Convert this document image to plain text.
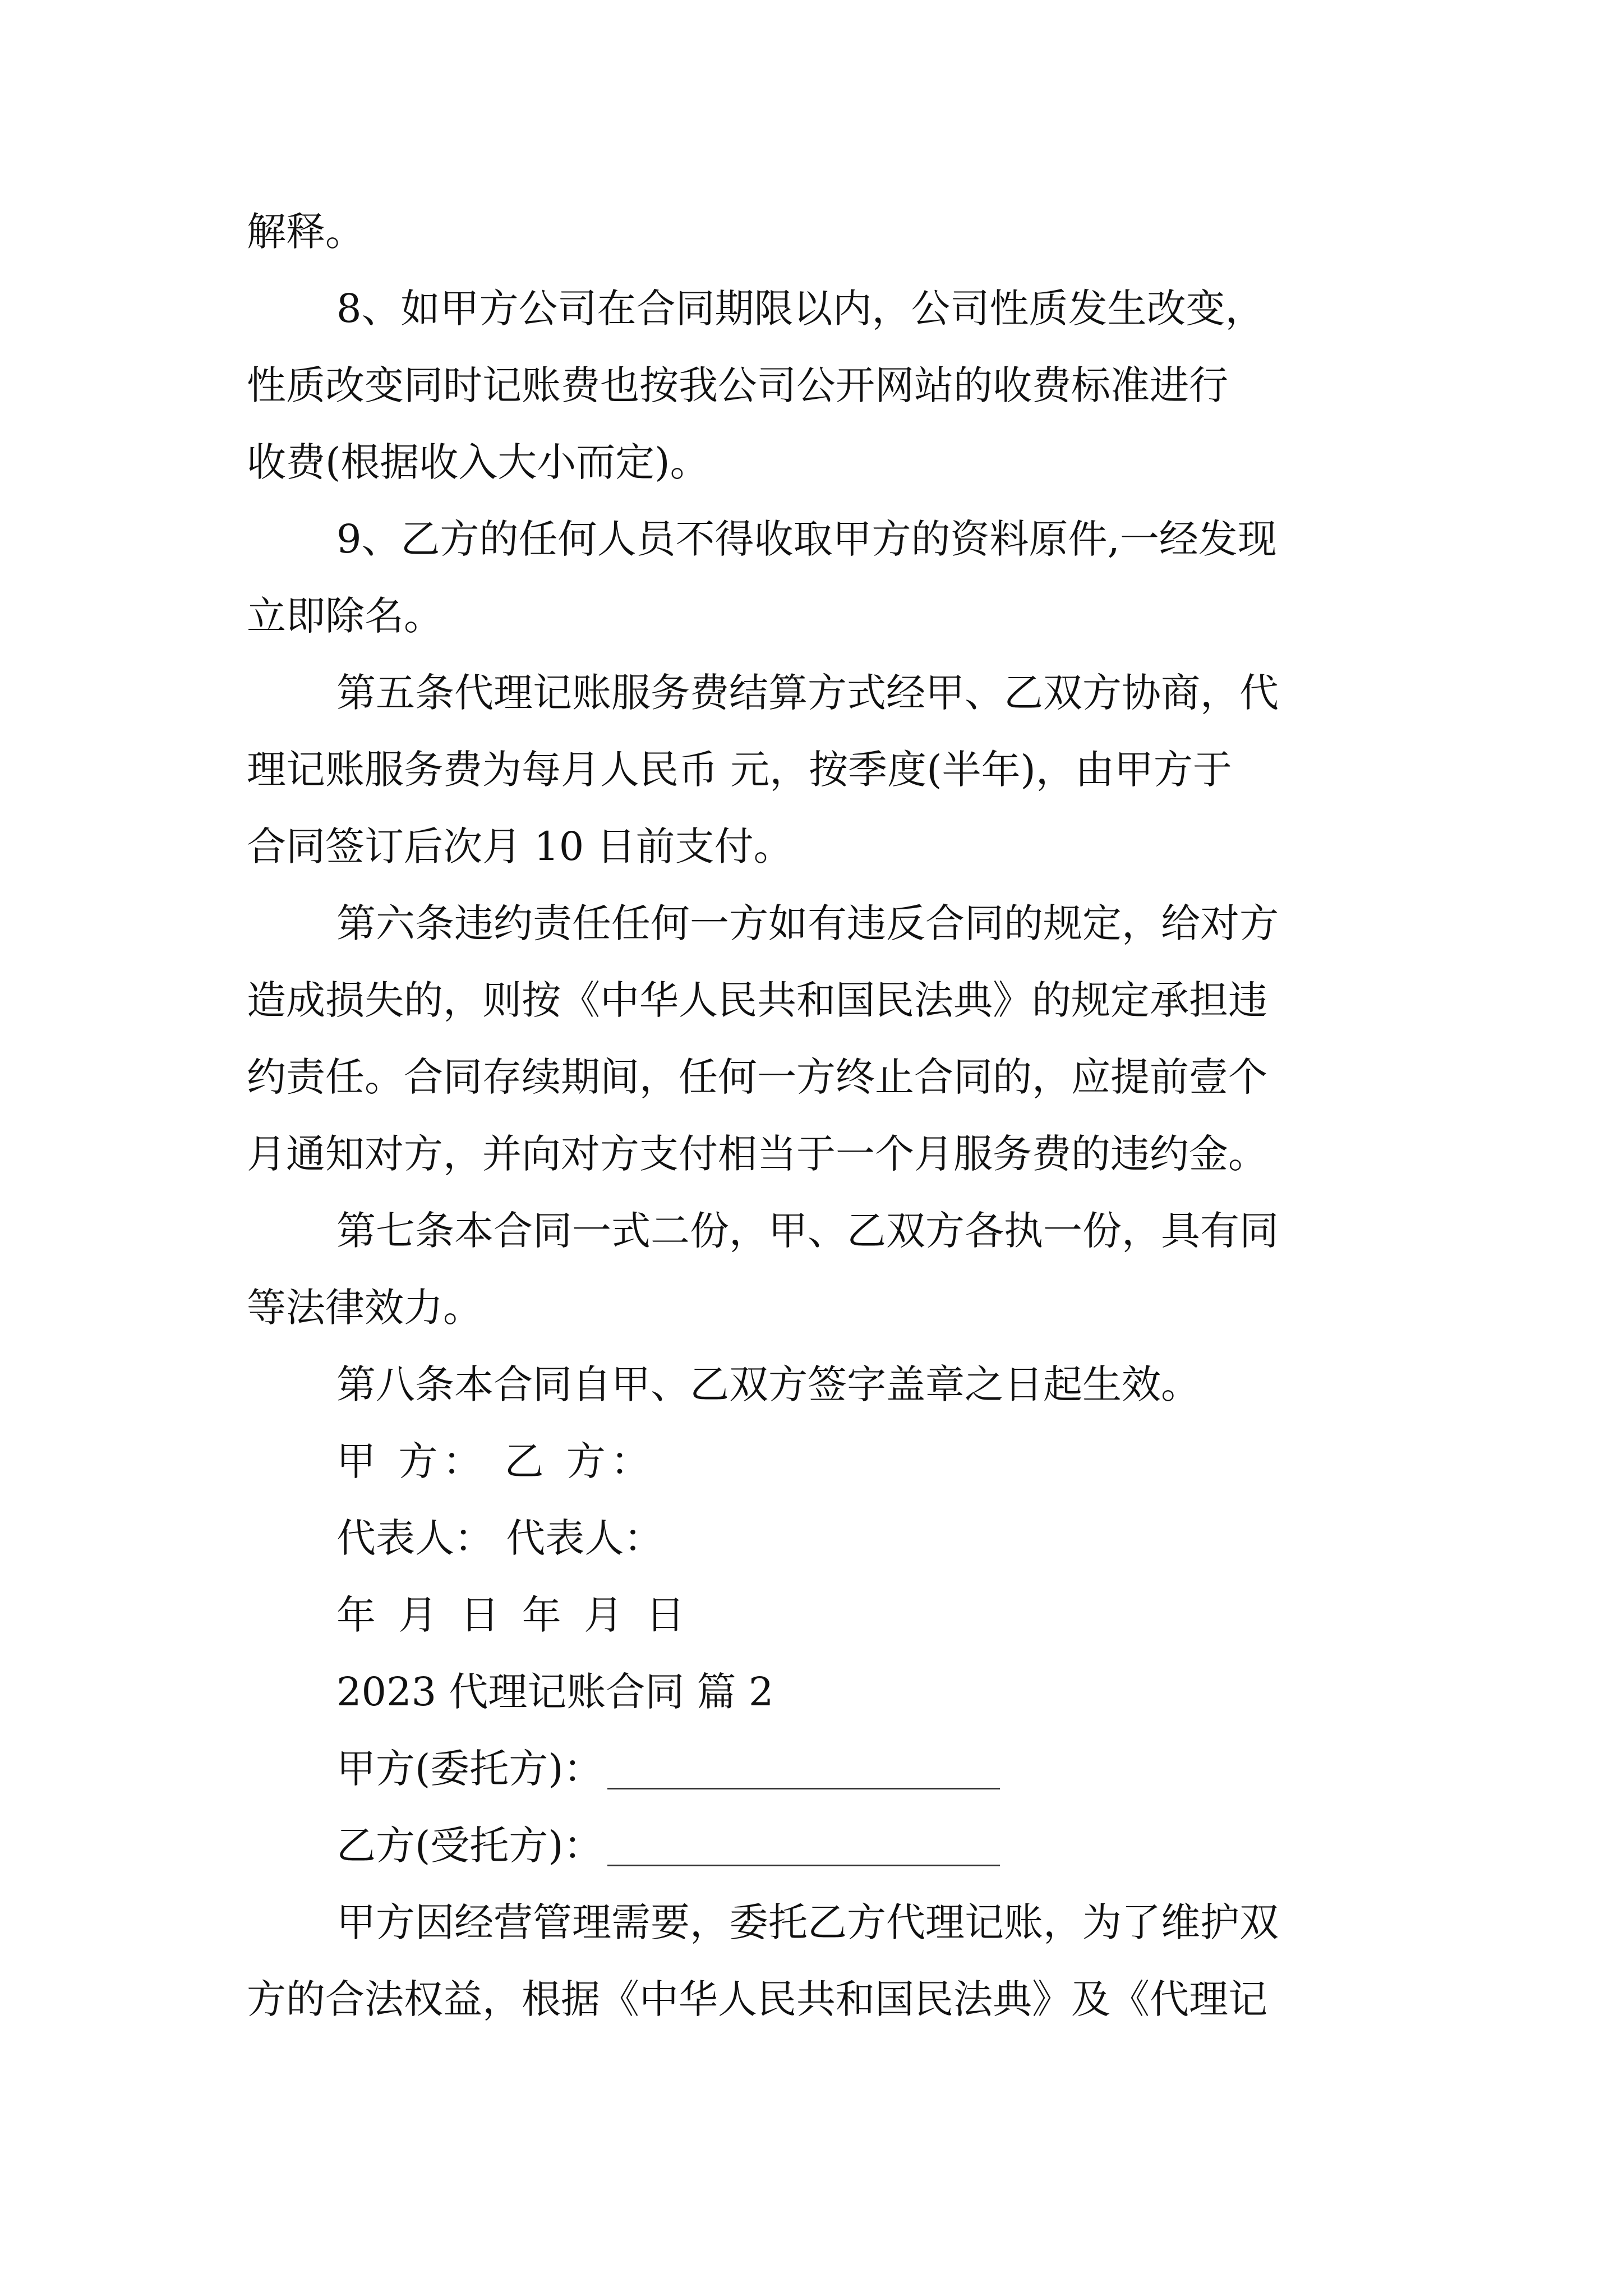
解释。
8、如甲方公司在合同期限以内，公司性质发生改变，
性质改变同时记账费也按我公司公开网站的收费标准进行
收费(根据收入大小而定)。
9、乙方的任何人员不得收取甲方的资料原件,一经发现
立即除名。
第五条代理记账服务费结算方式经甲、乙双方协商，代
理记账服务费为每月人民币 元，按季度(半年)，由甲方于
合同签订后次月 10 日前支付。
第六条违约责任任何一方如有违反合同的规定，给对方
造成损失的，则按《中华人民共和国民法典》的规定承担违
约责任。合同存续期间，任何一方终止合同的，应提前壹个
月通知对方，并向对方支付相当于一个月服务费的违约金。
第七条本合同一式二份，甲、乙双方各执一份，具有同
等法律效力。
第八条本合同自甲、乙双方签字盖章之日起生效。
甲 方： 乙 方：
代表人： 代表人：
年 月 日 年 月 日
2023 代理记账合同 篇 2
甲方(委托方)：
乙方(受托方)：
甲方因经营管理需要，委托乙方代理记账，为了维护双
方的合法权益，根据《中华人民共和国民法典》及《代理记
